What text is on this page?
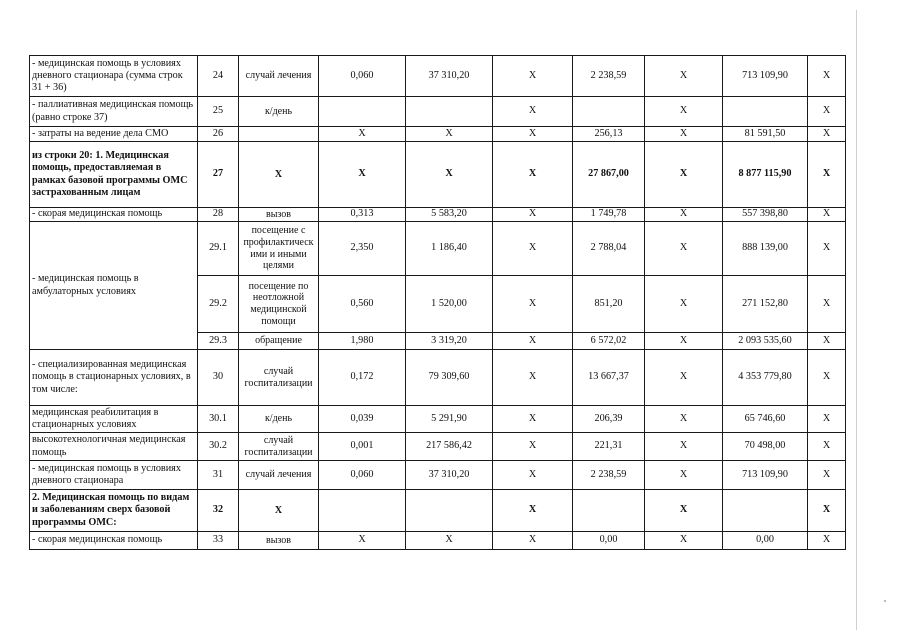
- медицинская помощь в условиях дневного стационара (сумма строк 31 + 36)	24	случай лечения	0,060	37 310,20	X	2 238,59	X	713 109,90	X
- паллиативная медицинская помощь (равно строке 37)	25	к/день			X		X		X
- затраты на ведение дела СМО	26		X	X	X	256,13	X	81 591,50	X
из строки 20: 1. Медицинская помощь, предоставляемая в рамках базовой программы ОМС застрахованным лицам	27	X	X	X	X	27 867,00	X	8 877 115,90	X
- скорая медицинская помощь	28	вызов	0,313	5 583,20	X	1 749,78	X	557 398,80	X
- медицинская помощь в амбулаторных условиях	29.1	посещение с профилактическ ими и иными целями	2,350	1 186,40	X	2 788,04	X	888 139,00	X
	29.2	посещение по неотложной медицинской помощи	0,560	1 520,00	X	851,20	X	271 152,80	X
	29.3	обращение	1,980	3 319,20	X	6 572,02	X	2 093 535,60	X
- специализированная медицинская помощь в стационарных условиях, в том числе:	30	случай госпитализации	0,172	79 309,60	X	13 667,37	X	4 353 779,80	X
медицинская реабилитация в стационарных условиях	30.1	к/день	0,039	5 291,90	X	206,39	X	65 746,60	X
высокотехнологичная медицинская помощь	30.2	случай госпитализации	0,001	217 586,42	X	221,31	X	70 498,00	X
- медицинская помощь в условиях дневного стационара	31	случай лечения	0,060	37 310,20	X	2 238,59	X	713 109,90	X
2. Медицинская помощь по видам и заболеваниям сверх базовой программы ОМС:	32	X			X		X		X
- скорая медицинская помощь	33	вызов	X	X	X	0,00	X	0,00	X
